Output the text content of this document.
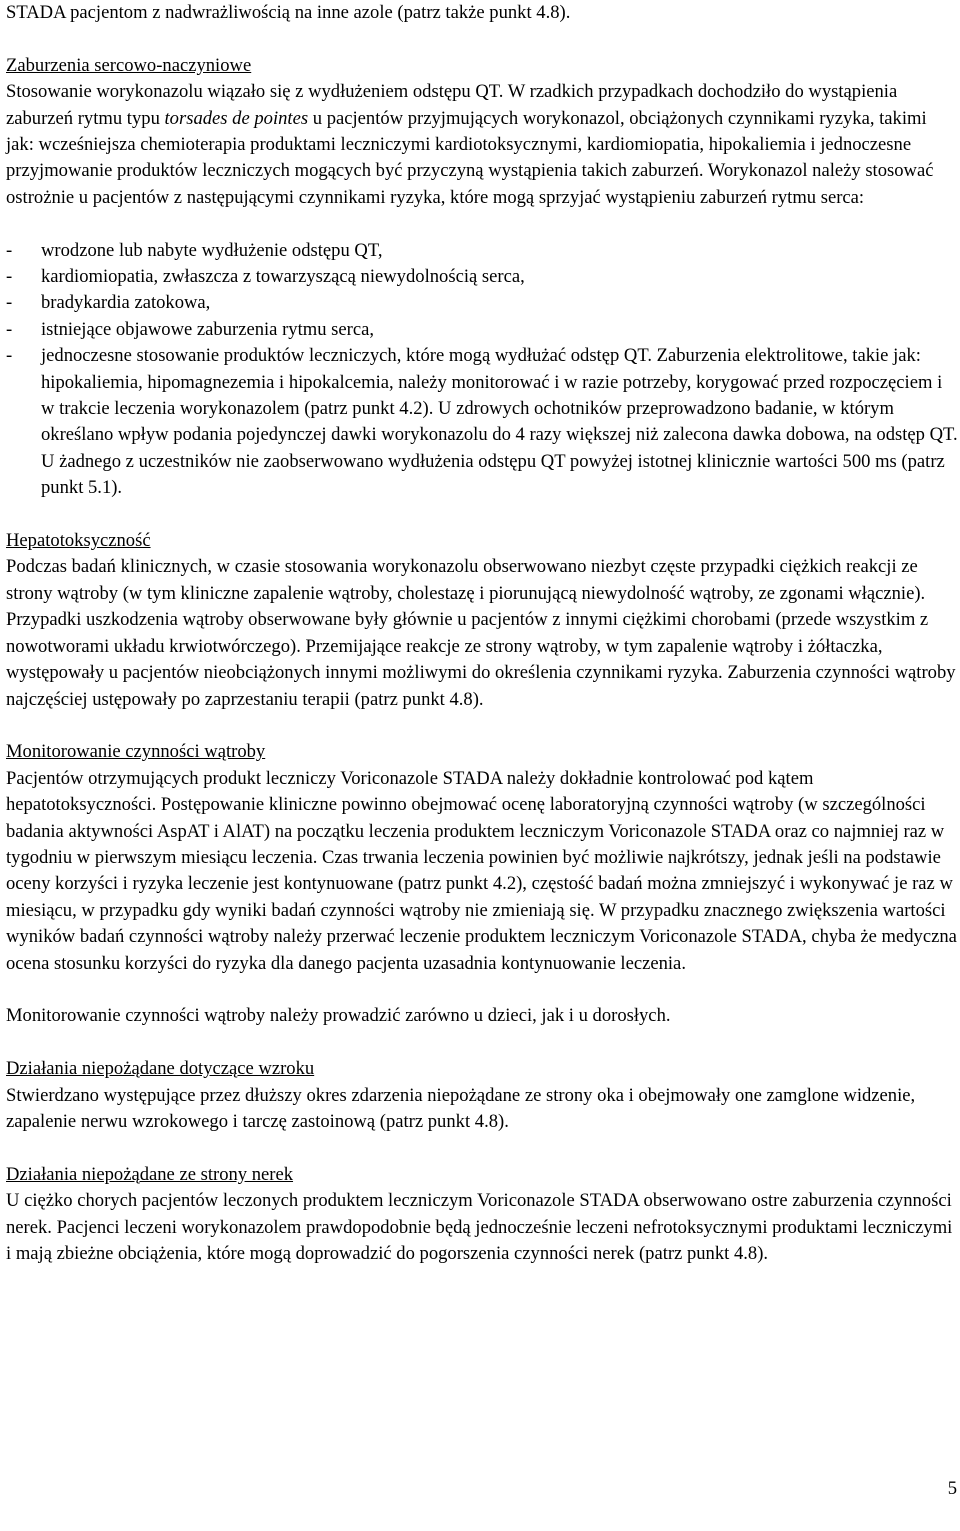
STADA pacjentom z nadwrażliwością na inne azole (patrz także punkt 4.8).

Zaburzenia sercowo-naczyniowe

Stosowanie worykonazolu wiązało się z wydłużeniem odstępu QT. W rzadkich przypadkach dochodziło do wystąpienia zaburzeń rytmu typu torsades de pointes u pacjentów przyjmujących worykonazol, obciążonych czynnikami ryzyka, takimi jak: wcześniejsza chemioterapia produktami leczniczymi kardiotoksycznymi, kardiomiopatia, hipokaliemia i jednoczesne przyjmowanie produktów leczniczych mogących być przyczyną wystąpienia takich zaburzeń. Worykonazol należy stosować ostrożnie u pacjentów z następującymi czynnikami ryzyka, które mogą sprzyjać wystąpieniu zaburzeń rytmu serca:

- wrodzone lub nabyte wydłużenie odstępu QT,
- kardiomiopatia, zwłaszcza z towarzyszącą niewydolnością serca,
- bradykardia zatokowa,
- istniejące objawowe zaburzenia rytmu serca,
- jednoczesne stosowanie produktów leczniczych, które mogą wydłużać odstęp QT. Zaburzenia elektrolitowe, takie jak: hipokaliemia, hipomagnezemia i hipokalcemia, należy monitorować i w razie potrzeby, korygować przed rozpoczęciem i w trakcie leczenia worykonazolem (patrz punkt 4.2). U zdrowych ochotników przeprowadzono badanie, w którym określano wpływ podania pojedynczej dawki worykonazolu do 4 razy większej niż zalecona dawka dobowa, na odstęp QT. U żadnego z uczestników nie zaobserwowano wydłużenia odstępu QT powyżej istotnej klinicznie wartości 500 ms (patrz punkt 5.1).

Hepatotoksyczność

Podczas badań klinicznych, w czasie stosowania worykonazolu obserwowano niezbyt częste przypadki ciężkich reakcji ze strony wątroby (w tym kliniczne zapalenie wątroby, cholestazę i piorunującą niewydolność wątroby, ze zgonami włącznie). Przypadki uszkodzenia wątroby obserwowane były głównie u pacjentów z innymi ciężkimi chorobami (przede wszystkim z nowotworami układu krwiotwórczego). Przemijające reakcje ze strony wątroby, w tym zapalenie wątroby i żółtaczka, występowały u pacjentów nieobciążonych innymi możliwymi do określenia czynnikami ryzyka. Zaburzenia czynności wątroby najczęściej ustępowały po zaprzestaniu terapii (patrz punkt 4.8).

Monitorowanie czynności wątroby

Pacjentów otrzymujących produkt leczniczy Voriconazole STADA należy dokładnie kontrolować pod kątem hepatotoksyczności. Postępowanie kliniczne powinno obejmować ocenę laboratoryjną czynności wątroby (w szczególności badania aktywności AspAT i AlAT) na początku leczenia produktem leczniczym Voriconazole STADA oraz co najmniej raz w tygodniu w pierwszym miesiącu leczenia. Czas trwania leczenia powinien być możliwie najkrótszy, jednak jeśli na podstawie oceny korzyści i ryzyka leczenie jest kontynuowane (patrz punkt 4.2), częstość badań można zmniejszyć i wykonywać je raz w miesiącu, w przypadku gdy wyniki badań czynności wątroby nie zmieniają się. W przypadku znacznego zwiększenia wartości wyników badań czynności wątroby należy przerwać leczenie produktem leczniczym Voriconazole STADA, chyba że medyczna ocena stosunku korzyści do ryzyka dla danego pacjenta uzasadnia kontynuowanie leczenia.

Monitorowanie czynności wątroby należy prowadzić zarówno u dzieci, jak i u dorosłych.

Działania niepożądane dotyczące wzroku

Stwierdzano występujące przez dłuższy okres zdarzenia niepożądane ze strony oka i obejmowały one zamglone widzenie, zapalenie nerwu wzrokowego i tarczę zastoinową (patrz punkt 4.8).

Działania niepożądane ze strony nerek

U ciężko chorych pacjentów leczonych produktem leczniczym Voriconazole STADA obserwowano ostre zaburzenia czynności nerek. Pacjenci leczeni worykonazolem prawdopodobnie będą jednocześnie leczeni nefrotoksycznymi produktami leczniczymi i mają zbieżne obciążenia, które mogą doprowadzić do pogorszenia czynności nerek (patrz punkt 4.8).

5
